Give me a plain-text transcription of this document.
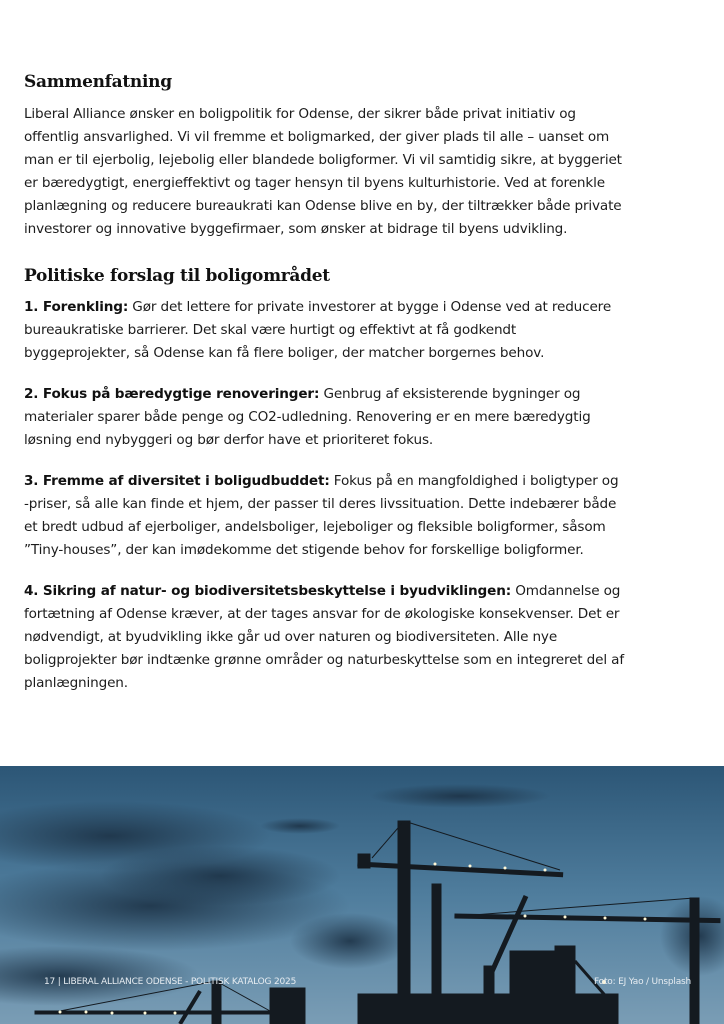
Sammenfatning

Liberal Alliance ønsker en boligpolitik for Odense, der sikrer både privat initiativ og offentlig ansvarlighed. Vi vil fremme et boligmarked, der giver plads til alle – uanset om man er til ejerbolig, lejebolig eller blandede boligformer. Vi vil samtidig sikre, at byggeriet er bæredygtigt, energieffektivt og tager hensyn til byens kulturhistorie. Ved at forenkle planlægning og reducere bureaukrati kan Odense blive en by, der tiltrækker både private investorer og innovative byggefirmaer, som ønsker at bidrage til byens udvikling.

Politiske forslag til boligområdet

1. Forenkling: Gør det lettere for private investorer at bygge i Odense ved at reducere bureaukratiske barrierer. Det skal være hurtigt og effektivt at få godkendt byggeprojekter, så Odense kan få flere boliger, der matcher borgernes behov.

2. Fokus på bæredygtige renoveringer: Genbrug af eksisterende bygninger og materialer sparer både penge og CO2-udledning. Renovering er en mere bæredygtig løsning end nybyggeri og bør derfor have et prioriteret fokus.

3. Fremme af diversitet i boligudbuddet: Fokus på en mangfoldighed i boligtyper og -priser, så alle kan finde et hjem, der passer til deres livssituation. Dette indebærer både et bredt udbud af ejerboliger, andelsboliger, lejeboliger og fleksible boligformer, såsom ”Tiny-houses”, der kan imødekomme det stigende behov for forskellige boligformer.

4. Sikring af natur- og biodiversitetsbeskyttelse i byudviklingen: Omdannelse og fortætning af Odense kræver, at der tages ansvar for de økologiske konsekvenser. Det er nødvendigt, at byudvikling ikke går ud over naturen og biodiversiteten. Alle nye boligprojekter bør indtænke grønne områder og naturbeskyttelse som en integreret del af planlægningen.

17 | LIBERAL ALLIANCE ODENSE - POLITISK KATALOG 2025	Foto: EJ Yao / Unsplash
